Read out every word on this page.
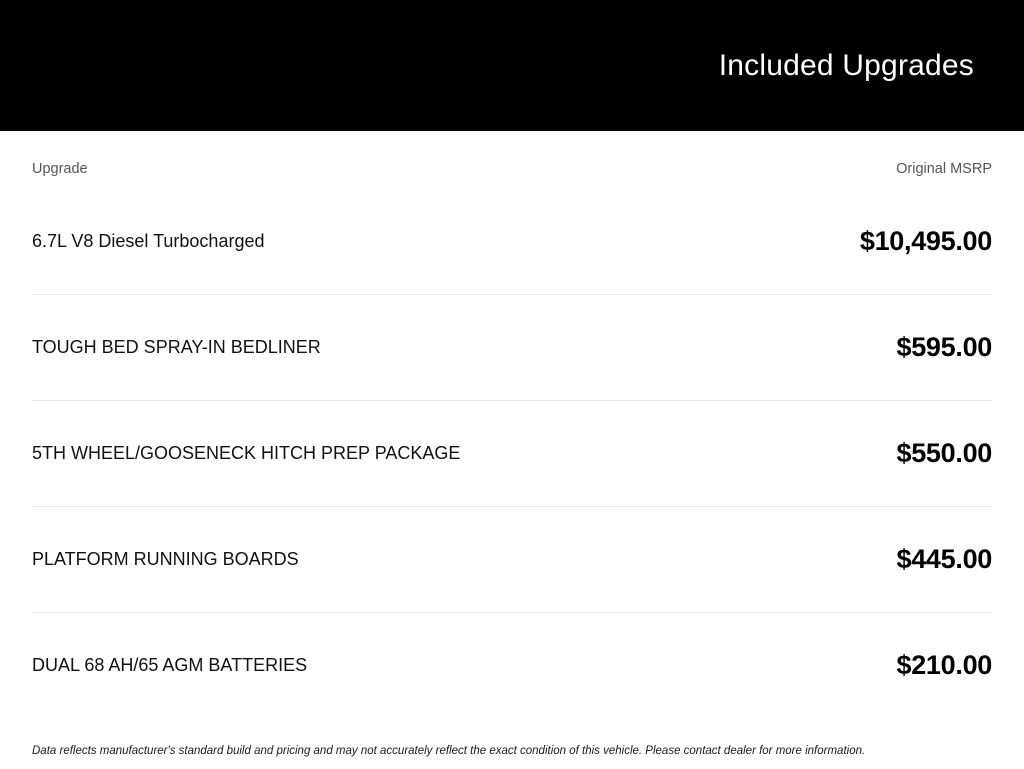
Included Upgrades
Upgrade	Original MSRP
6.7L V8 Diesel Turbocharged	$10,495.00
TOUGH BED SPRAY-IN BEDLINER	$595.00
5TH WHEEL/GOOSENECK HITCH PREP PACKAGE	$550.00
PLATFORM RUNNING BOARDS	$445.00
DUAL 68 AH/65 AGM BATTERIES	$210.00
Data reflects manufacturer's standard build and pricing and may not accurately reflect the exact condition of this vehicle. Please contact dealer for more information.
